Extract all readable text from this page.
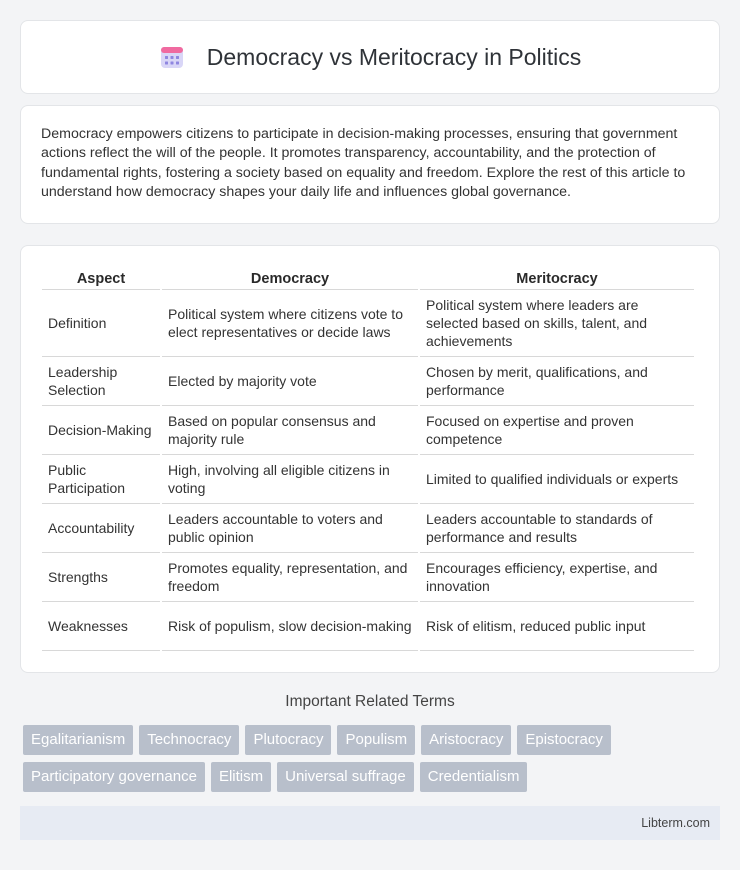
Democracy vs Meritocracy in Politics

Democracy empowers citizens to participate in decision-making processes, ensuring that government actions reflect the will of the people. It promotes transparency, accountability, and the protection of fundamental rights, fostering a society based on equality and freedom. Explore the rest of this article to understand how democracy shapes your daily life and influences global governance.

Aspect	Democracy	Meritocracy
Definition	Political system where citizens vote to elect representatives or decide laws	Political system where leaders are selected based on skills, talent, and achievements
Leadership Selection	Elected by majority vote	Chosen by merit, qualifications, and performance
Decision-Making	Based on popular consensus and majority rule	Focused on expertise and proven competence
Public Participation	High, involving all eligible citizens in voting	Limited to qualified individuals or experts
Accountability	Leaders accountable to voters and public opinion	Leaders accountable to standards of performance and results
Strengths	Promotes equality, representation, and freedom	Encourages efficiency, expertise, and innovation
Weaknesses	Risk of populism, slow decision-making	Risk of elitism, reduced public input
Important Related Terms
Egalitarianism	Technocracy	Plutocracy	Populism	Aristocracy	Epistocracy
Participatory governance	Elitism	Universal suffrage	Credentialism
Libterm.com
